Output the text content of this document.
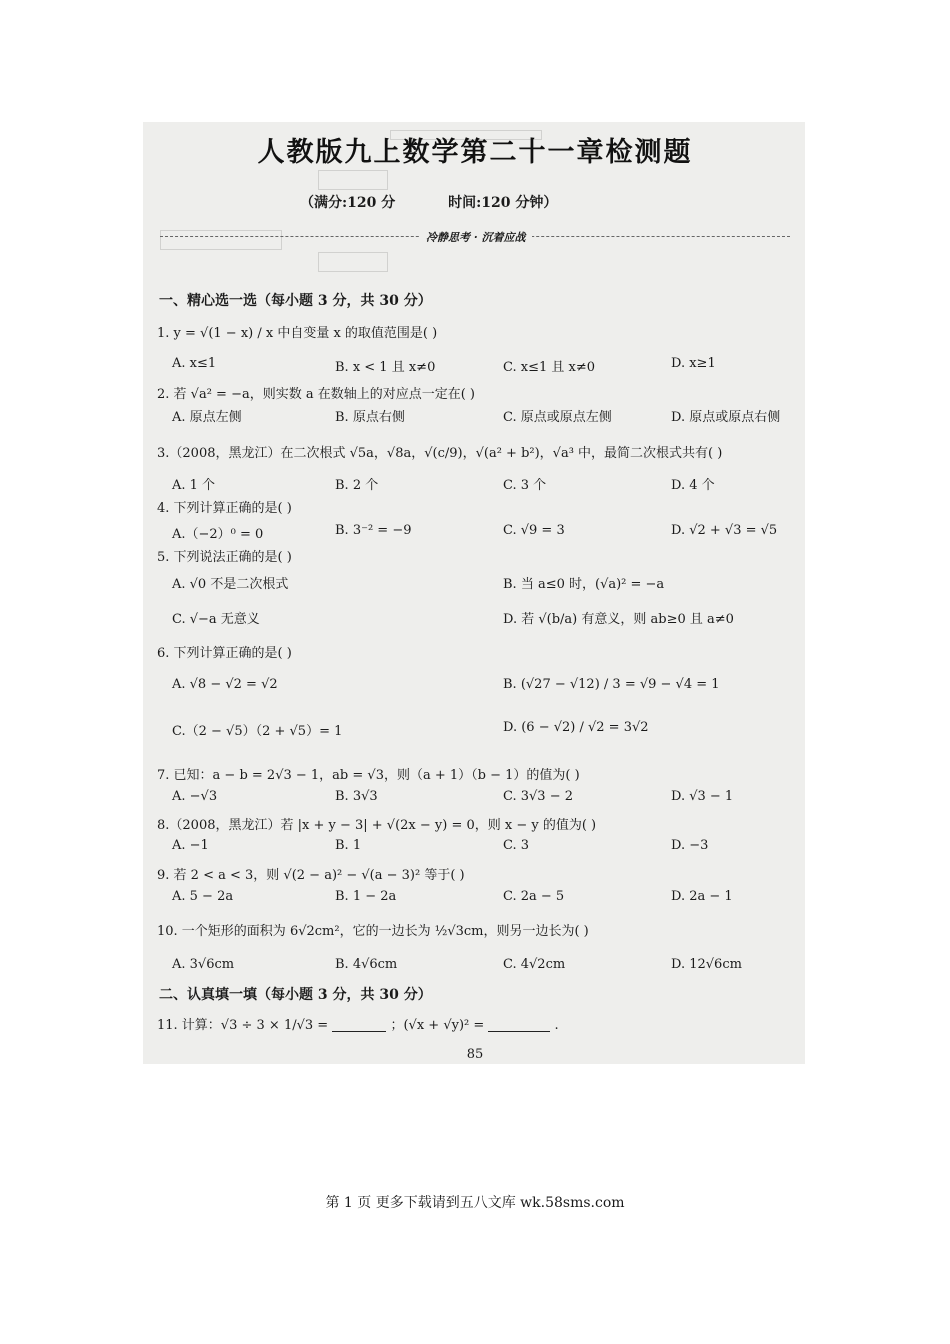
人教版九上数学第二十一章检测题
（满分:120 分	时间:120 分钟）
冷静思考 · 沉着应战
一、精心选一选（每小题 3 分，共 30 分）
1. y = √(1 − x) / x 中自变量 x 的取值范围是( )
A. x≤1	B. x < 1 且 x≠0	C. x≤1 且 x≠0	D. x≥1
2. 若 √a² = −a，则实数 a 在数轴上的对应点一定在( )
A. 原点左侧	B. 原点右侧	C. 原点或原点左侧	D. 原点或原点右侧
3.（2008，黑龙江）在二次根式 √5a，√8a，√(c/9)，√(a² + b²)，√a³ 中，最简二次根式共有( )
A. 1 个	B. 2 个	C. 3 个	D. 4 个
4. 下列计算正确的是( )
A.（−2）⁰ = 0	B. 3⁻² = −9	C. √9 = 3	D. √2 + √3 = √5
5. 下列说法正确的是( )
A. √0 不是二次根式	B. 当 a≤0 时，(√a)² = −a
C. √−a 无意义	D. 若 √(b/a) 有意义，则 ab≥0 且 a≠0
6. 下列计算正确的是( )
A. √8 − √2 = √2	B. (√27 − √12) / 3 = √9 − √4 = 1
C.（2 − √5）（2 + √5）= 1	D. (6 − √2) / √2 = 3√2
7. 已知：a − b = 2√3 − 1，ab = √3，则（a + 1）（b − 1）的值为( )
A. −√3	B. 3√3	C. 3√3 − 2	D. √3 − 1
8.（2008，黑龙江）若 |x + y − 3| + √(2x − y) = 0，则 x − y 的值为( )
A. −1	B. 1	C. 3	D. −3
9. 若 2 < a < 3，则 √(2 − a)² − √(a − 3)² 等于( )
A. 5 − 2a	B. 1 − 2a	C. 2a − 5	D. 2a − 1
10. 一个矩形的面积为 6√2cm²，它的一边长为 ½√3cm，则另一边长为( )
A. 3√6cm	B. 4√6cm	C. 4√2cm	D. 12√6cm
二、认真填一填（每小题 3 分，共 30 分）
11. 计算：√3 ÷ 3 × 1/√3 =	；(√x + √y)² =	.
85
第 1 页 更多下载请到五八文库 wk.58sms.com
